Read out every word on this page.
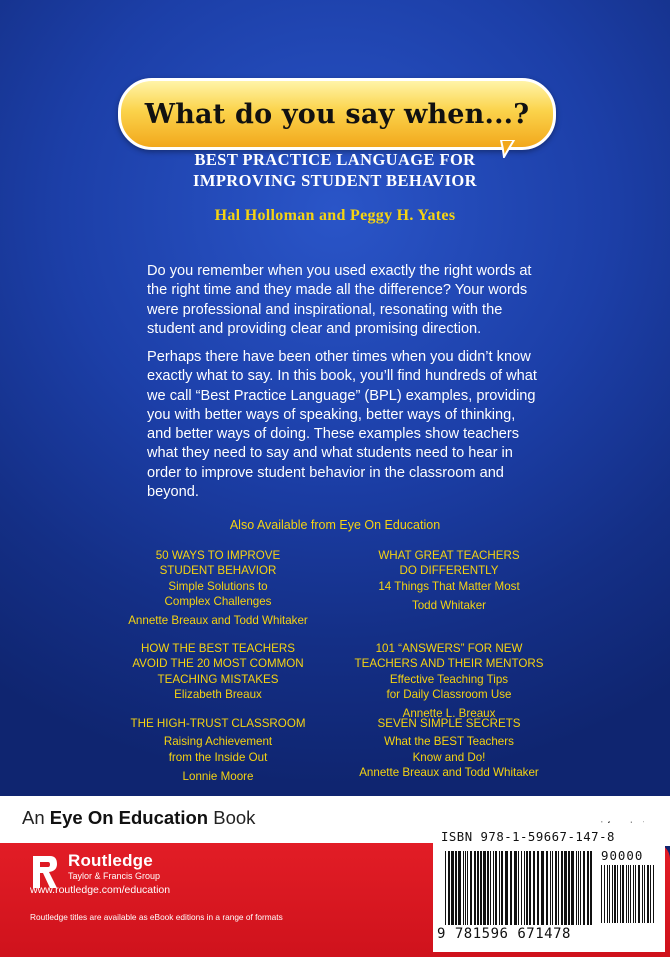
What do you say when...?
BEST PRACTICE LANGUAGE FOR
IMPROVING STUDENT BEHAVIOR
Hal Holloman and Peggy H. Yates

Do you remember when you used exactly the right words at the right time and they made all the difference? Your words were professional and inspirational, resonating with the student and providing clear and promising direction.

Perhaps there have been other times when you didn’t know exactly what to say. In this book, you’ll find hundreds of what we call “Best Practice Language” (BPL) examples, providing you with better ways of speaking, better ways of thinking, and better ways of doing. These examples show teachers what they need to say and what students need to hear in order to improve student behavior in the classroom and beyond.

Also Available from Eye On Education
50 WAYS TO IMPROVE
STUDENT BEHAVIOR
Simple Solutions to
Complex Challenges
Annette Breaux and Todd Whitaker
HOW THE BEST TEACHERS
AVOID THE 20 MOST COMMON
TEACHING MISTAKES
Elizabeth Breaux
THE HIGH-TRUST CLASSROOM
Raising Achievement
from the Inside Out
Lonnie Moore
WHAT GREAT TEACHERS
DO DIFFERENTLY
14 Things That Matter Most
Todd Whitaker
101 “ANSWERS” FOR NEW
TEACHERS AND THEIR MENTORS
Effective Teaching Tips
for Daily Classroom Use
Annette L. Breaux
SEVEN SIMPLE SECRETS
What the BEST Teachers
Know and Do!
Annette Breaux and Todd Whitaker
An Eye On Education Book
Routledge
Taylor & Francis Group
www.routledge.com/education
Routledge titles are available as eBook editions in a range of formats
ISBN 978-1-59667-147-8
90000
9 781596 671478
